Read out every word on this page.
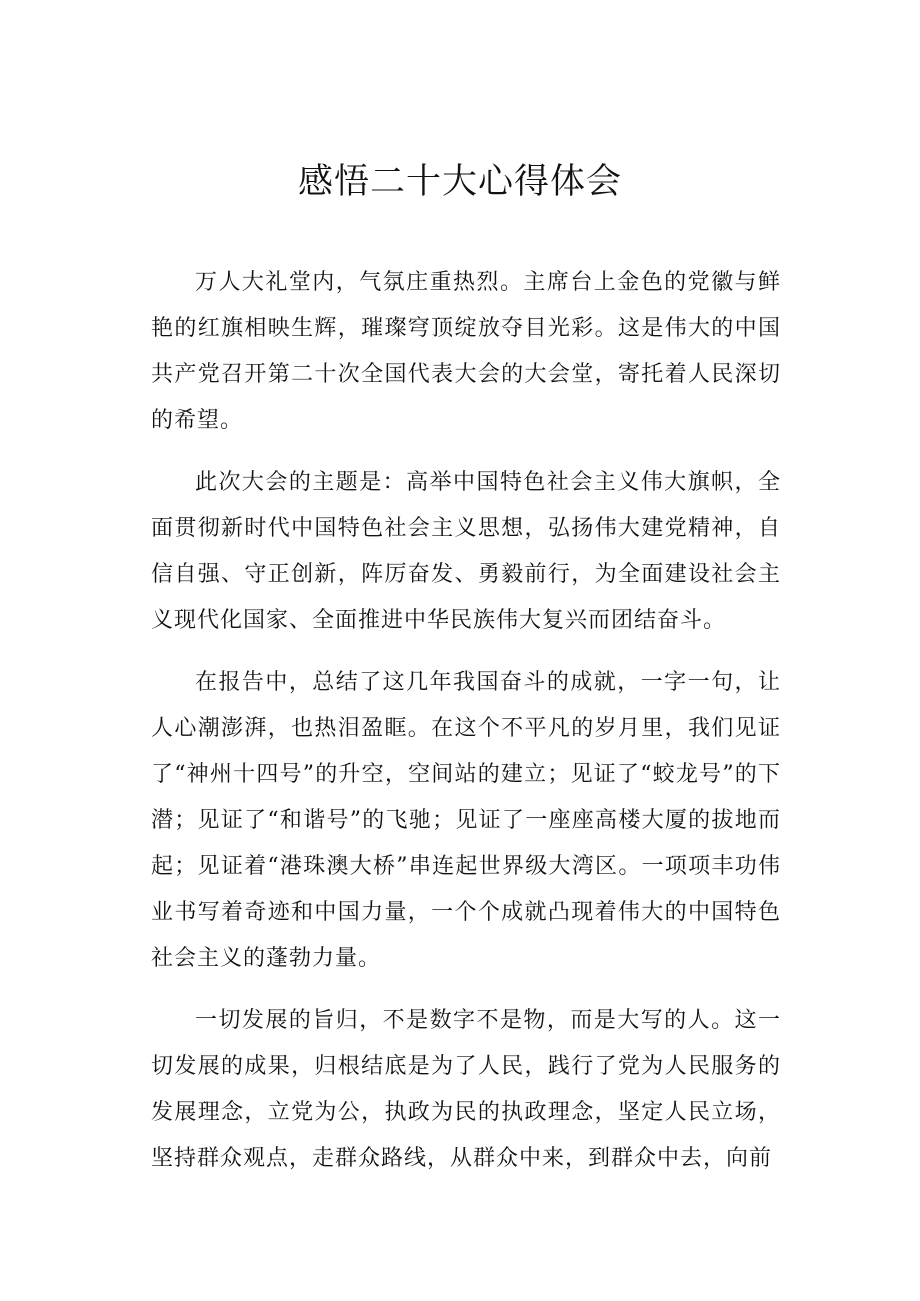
感悟二十大心得体会

万人大礼堂内，气氛庄重热烈。主席台上金色的党徽与鲜艳的红旗相映生辉，璀璨穹顶绽放夺目光彩。这是伟大的中国共产党召开第二十次全国代表大会的大会堂，寄托着人民深切的希望。

此次大会的主题是：高举中国特色社会主义伟大旗帜，全面贯彻新时代中国特色社会主义思想，弘扬伟大建党精神，自信自强、守正创新，阵厉奋发、勇毅前行，为全面建设社会主义现代化国家、全面推进中华民族伟大复兴而团结奋斗。

在报告中，总结了这几年我国奋斗的成就，一字一句，让人心潮澎湃，也热泪盈眶。在这个不平凡的岁月里，我们见证了“神州十四号”的升空，空间站的建立；见证了“蛟龙号”的下潜；见证了“和谐号”的飞驰；见证了一座座高楼大厦的拔地而起；见证着“港珠澳大桥”串连起世界级大湾区。一项项丰功伟业书写着奇迹和中国力量，一个个成就凸现着伟大的中国特色社会主义的蓬勃力量。

一切发展的旨归，不是数字不是物，而是大写的人。这一切发展的成果，归根结底是为了人民，践行了党为人民服务的发展理念，立党为公，执政为民的执政理念，坚定人民立场，坚持群众观点，走群众路线，从群众中来，到群众中去，向前
